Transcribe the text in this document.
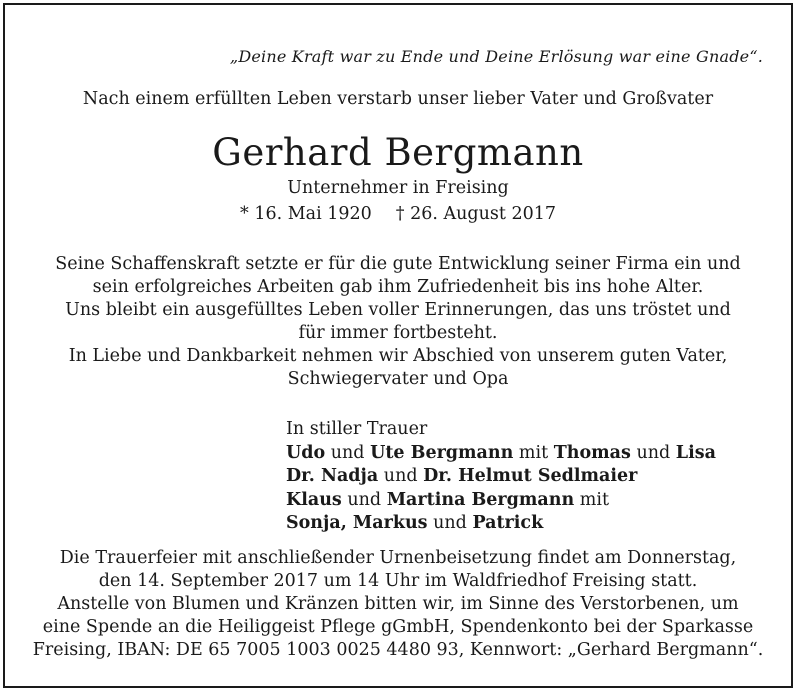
„Deine Kraft war zu Ende und Deine Erlösung war eine Gnade“.
Nach einem erfüllten Leben verstarb unser lieber Vater und Großvater
Gerhard Bergmann
Unternehmer in Freising
* 16. Mai 1920 † 26. August 2017

Seine Schaffenskraft setzte er für die gute Entwicklung seiner Firma ein und

sein erfolgreiches Arbeiten gab ihm Zufriedenheit bis ins hohe Alter.

Uns bleibt ein ausgefülltes Leben voller Erinnerungen, das uns tröstet und

für immer fortbesteht.

In Liebe und Dankbarkeit nehmen wir Abschied von unserem guten Vater,

Schwiegervater und Opa

In stiller Trauer
Udo und Ute Bergmann mit Thomas und Lisa
Dr. Nadja und Dr. Helmut Sedlmaier
Klaus und Martina Bergmann mit
Sonja, Markus und Patrick
Die Trauerfeier mit anschließender Urnenbeisetzung findet am Donnerstag,
den 14. September 2017 um 14 Uhr im Waldfriedhof Freising statt.
Anstelle von Blumen und Kränzen bitten wir, im Sinne des Verstorbenen, um
eine Spende an die Heiliggeist Pflege gGmbH, Spendenkonto bei der Sparkasse
Freising, IBAN: DE 65 7005 1003 0025 4480 93, Kennwort: „Gerhard Bergmann“.
